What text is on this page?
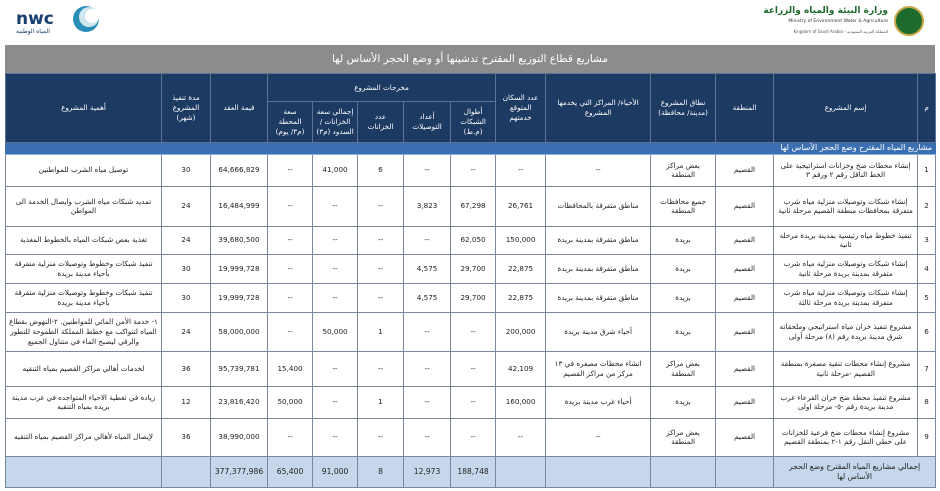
nwc
المياه الوطنية
وزارة البيئة والمياه والزراعة
Ministry of Environment Water & Agriculture
Kingdom of Saudi Arabia - المملكة العربية السعودية
مشاريع قطاع التوزيع المقترح تدشينها أو وضع الحجر الأساس لها
م	إسم المشروع	المنطقة	نطاق المشروع (مدينة/ محافظة)	الأحياء/ المراكز التي يخدمها المشروع	عدد السكان المتوقع خدمتهم	مخرجات المشروع					قيمة العقد	مدة تنفيذ المشروع (شهر)	أهمية المشروع
						أطوال الشبكات (م.ط)	أعداد التوصيلات	عدد الخزانات	إجمالي سعة الخزانات /السدود (م٣)	سعة المحطة (م٣/ يوم)			
مشاريع المياه المقترح وضع الحجر الأساس لها													
1	إنشاء محطات ضخ وخزانات استراتيجية على الخط الناقل رقم ٢ ورقم ٣	القصيم	بعض مراكز المنطقة	--	--	--	--	6	41,000	--	64,666,829	30	توصيل مياه الشرب للمواطنين
2	إنشاء شبكات وتوصيلات منزلية مياه شرب متفرقة بمحافظات منطقة القصيم مرحلة ثانية	القصيم	جميع محافظات المنطقة	مناطق متفرقة بالمحافظات	26,761	67,298	3,823	--	--	--	16,484,999	24	تمديد شبكات مياه الشرب وايصال الخدمة الى المواطن
3	تنفيذ خطوط مياه رئيسية بمدينة بريدة مرحلة ثانية	القصيم	بريدة	مناطق متفرقة بمدينة بريدة	150,000	62,050	--	--	--	--	39,680,500	24	تغذية بعض شبكات المياه بالخطوط المغذية
4	إنشاء شبكات وتوصيلات منزلية مياه شرب متفرقة بمدينة بريدة مرحلة ثانية	القصيم	بريدة	مناطق متفرقة بمدينة بريدة	22,875	29,700	4,575	--	--	--	19,999,728	30	تنفيذ شبكات وخطوط وتوصيلات منزلية متفرقة بأحياء مدينة بريدة
5	إنشاء شبكات وتوصيلات منزلية مياه شرب متفرقة بمدينة بريدة مرحلة ثالثة	القصيم	بريدة	مناطق متفرقة بمدينة بريدة	22,875	29,700	4,575	--	--	--	19,999,728	30	تنفيذ شبكات وخطوط وتوصيلات منزلية متفرقة بأحياء مدينة بريدة
6	مشروع تنفيذ خزان مياه استراتيجي وملحقاته شرق مدينة بريدة رقم (٨) مرحلة أولى	القصيم	بريدة	أحياء شرق مدينة بريدة	200,000	--	--	1	50,000	--	58,000,000	24	١- خدمة الأمن المائي للمواطنين. ٢-النهوض بقطاع المياه لتتواكب مع خطط المملكة الطموحة للتطور والرقي ليصبح الماء في متناول الجميع
7	مشروع إنشاء محطات تنقية مصغرة بمنطقة القصيم -مرحلة ثانية	القصيم	بعض مراكز المنطقة	انشاء محطات مصغره في ١٣ مركز من مراكز القصيم	42,109	--	--	--	--	15,400	95,739,781	36	لخدمات أهالي مراكز القصيم بمياه التنقيه
8	مشروع تنفيذ محطة ضخ خزان القرعاء غرب مدينة بريدة رقم -٥- مرحلة اولى	القصيم	بريدة	أحياء غرب مدينة بريدة	160,000	--	--	1	--	50,000	23,816,420	12	زياده في تغطية الاحياء المتواجده في غرب مدينة بريده بمياه التنقيه
9	مشروع إنشاء محطات ضخ فرعية للخزانات على خطي النقل رقم ١-٢ بمنطقة القصيم	القصيم	بعض مراكز المنطقة	--	--	--	--	--	--	--	38,990,000	36	لإيصال المياه لأهالي مراكز القصيم بمياه التنقيه
إجمالي مشاريع المياه المقترح وضع الحجر الأساس لها						188,748	12,973	8	91,000	65,400	377,377,986		
